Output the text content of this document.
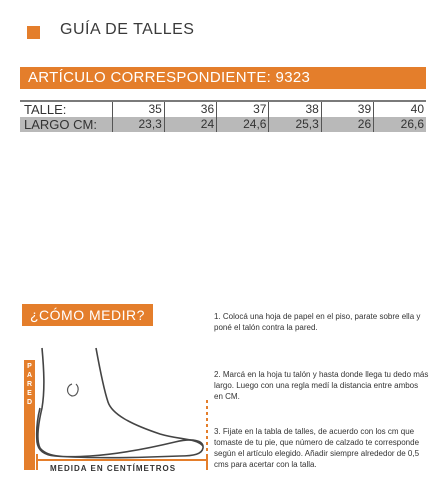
GUÍA DE TALLES
ARTÍCULO CORRESPONDIENTE: 9323
TALLE:	35	36	37	38	39	40
LARGO CM:	23,3	24	24,6	25,3	26	26,6
¿CÓMO MEDIR?	1. Colocá una hoja de papel en el piso, parate sobre ella y poné el talón contra la pared.
2. Marcá en la hoja tu talón y hasta donde llega tu dedo más largo. Luego con una regla medí la distancia entre ambos en CM.
3. Fijate en la tabla de talles, de acuerdo con los cm que tomaste de tu pie, que número de calzado te corresponde según el artículo elegido. Añadir siempre alrededor de 0,5 cms para acertar con la talla.
P
A
R
E
D
MEDIDA EN CENTÍMETROS
